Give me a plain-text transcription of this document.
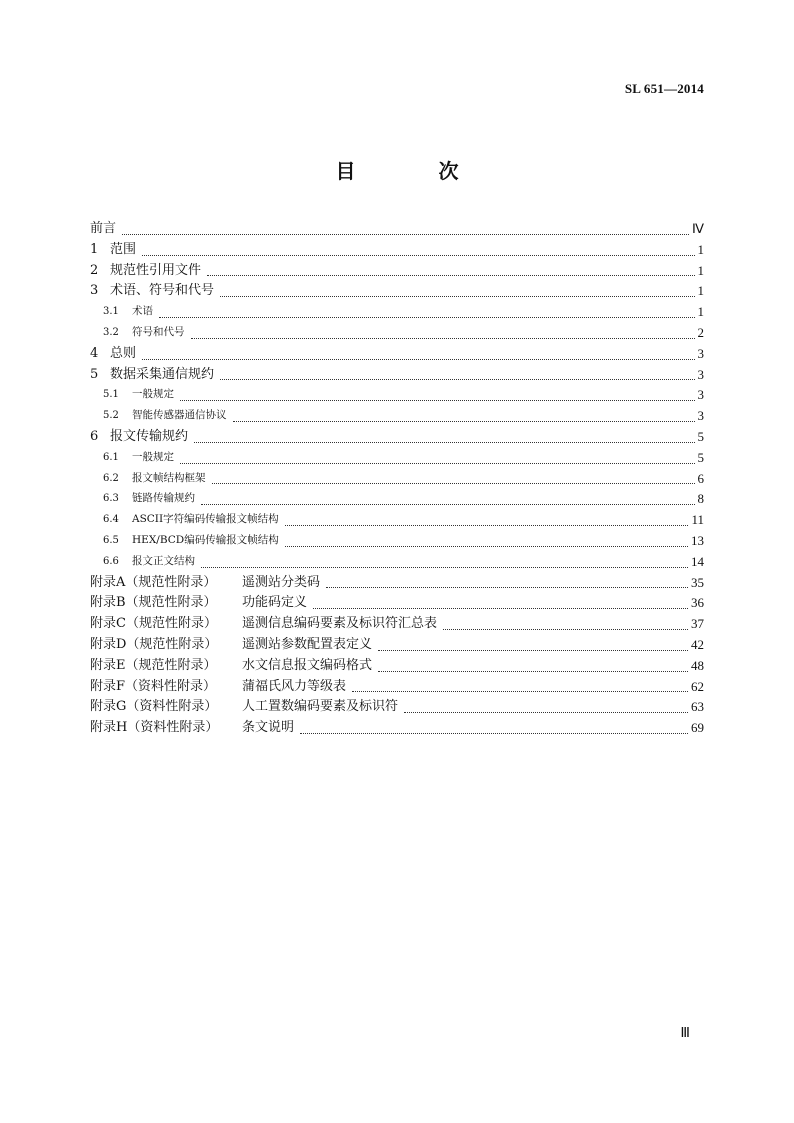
SL 651—2014
目 次
前言	Ⅳ
1 范围	1
2 规范性引用文件	1
3 术语、符号和代号	1
3.1 术语	1
3.2 符号和代号	2
4 总则	3
5 数据采集通信规约	3
5.1 一般规定	3
5.2 智能传感器通信协议	3
6 报文传输规约	5
6.1 一般规定	5
6.2 报文帧结构框架	6
6.3 链路传输规约	8
6.4 ASCII字符编码传输报文帧结构	11
6.5 HEX/BCD编码传输报文帧结构	13
6.6 报文正文结构	14
附录A（规范性附录） 遥测站分类码	35
附录B（规范性附录） 功能码定义	36
附录C（规范性附录） 遥测信息编码要素及标识符汇总表	37
附录D（规范性附录） 遥测站参数配置表定义	42
附录E（规范性附录） 水文信息报文编码格式	48
附录F（资料性附录） 蒲福氏风力等级表	62
附录G（资料性附录） 人工置数编码要素及标识符	63
附录H（资料性附录） 条文说明	69
Ⅲ
